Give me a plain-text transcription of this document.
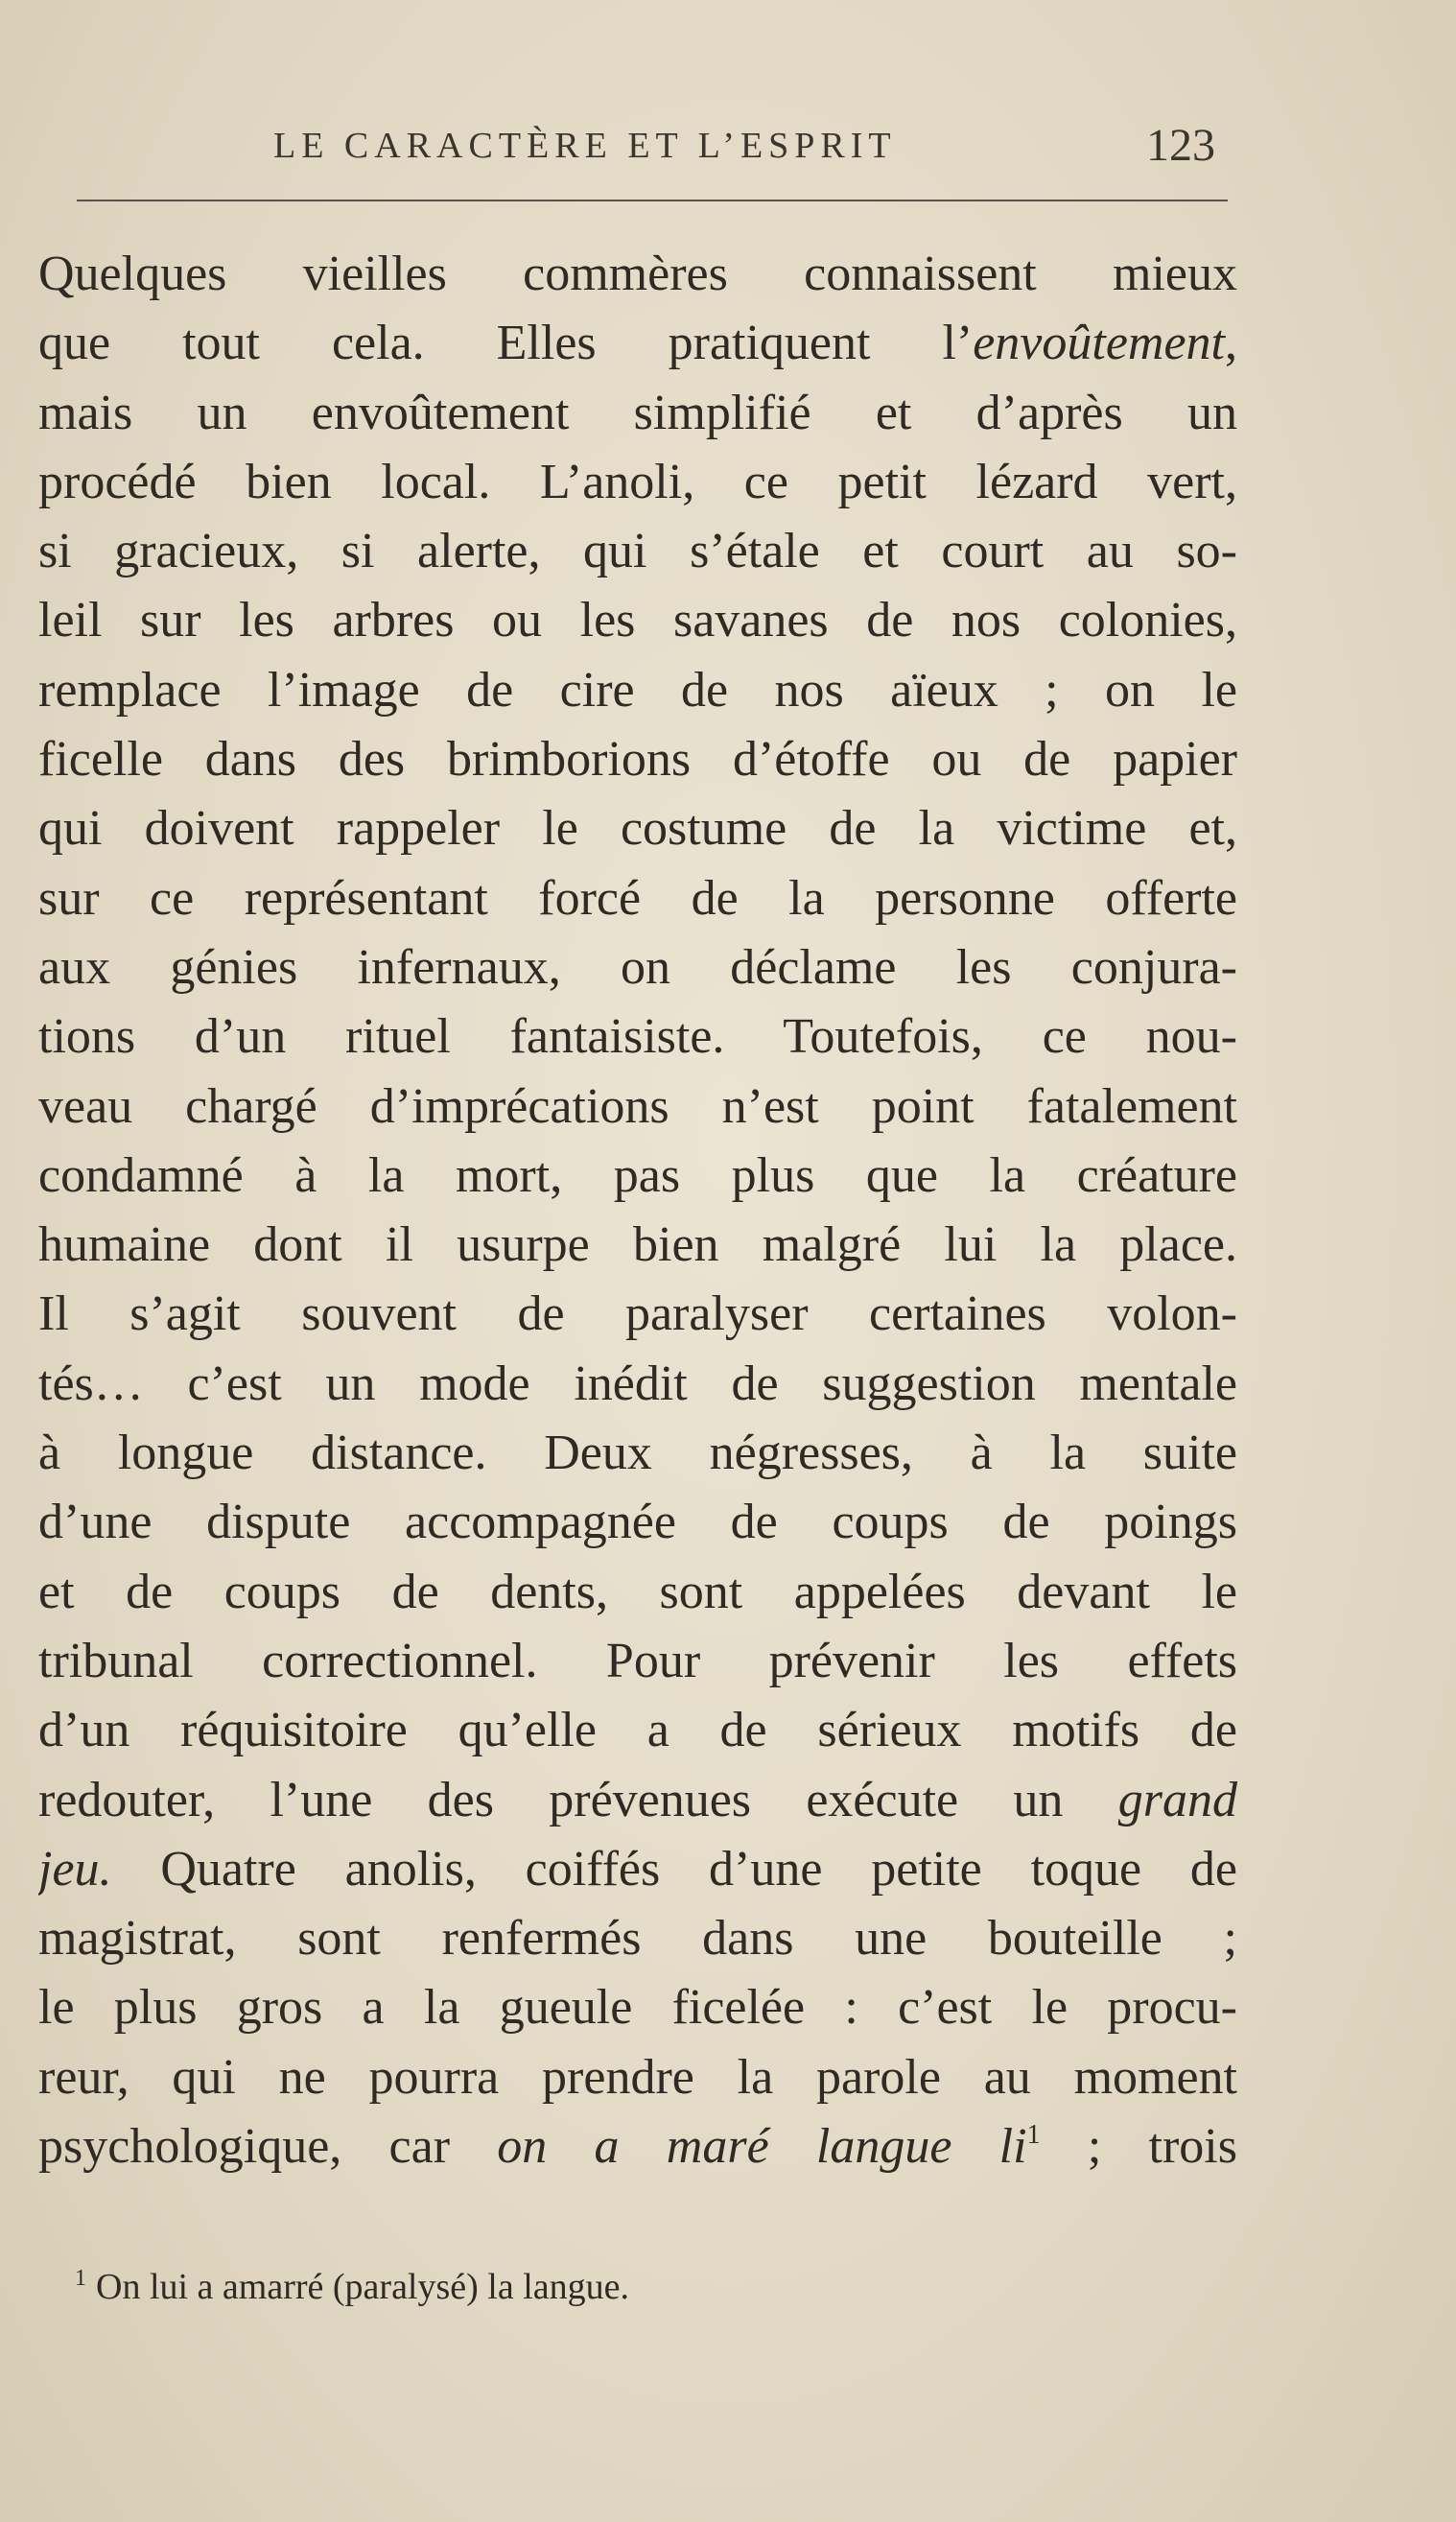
LE CARACTÈRE ET L’ESPRIT	123
Quelques vieilles commères connaissent mieux
que tout cela. Elles pratiquent l’envoûtement,
mais un envoûtement simplifié et d’après un
procédé bien local. L’anoli, ce petit lézard vert,
si gracieux, si alerte, qui s’étale et court au so-
leil sur les arbres ou les savanes de nos colonies,
remplace l’image de cire de nos aïeux ; on le
ficelle dans des brimborions d’étoffe ou de papier
qui doivent rappeler le costume de la victime et,
sur ce représentant forcé de la personne offerte
aux génies infernaux, on déclame les conjura-
tions d’un rituel fantaisiste. Toutefois, ce nou-
veau chargé d’imprécations n’est point fatalement
condamné à la mort, pas plus que la créature
humaine dont il usurpe bien malgré lui la place.
Il s’agit souvent de paralyser certaines volon-
tés… c’est un mode inédit de suggestion mentale
à longue distance. Deux négresses, à la suite
d’une dispute accompagnée de coups de poings
et de coups de dents, sont appelées devant le
tribunal correctionnel. Pour prévenir les effets
d’un réquisitoire qu’elle a de sérieux motifs de
redouter, l’une des prévenues exécute un grand
jeu. Quatre anolis, coiffés d’une petite toque de
magistrat, sont renfermés dans une bouteille ;
le plus gros a la gueule ficelée : c’est le procu-
reur, qui ne pourra prendre la parole au moment
psychologique, car on a maré langue $li^1$ ; trois
$^1$ On lui a amarré (paralysé) la langue.
